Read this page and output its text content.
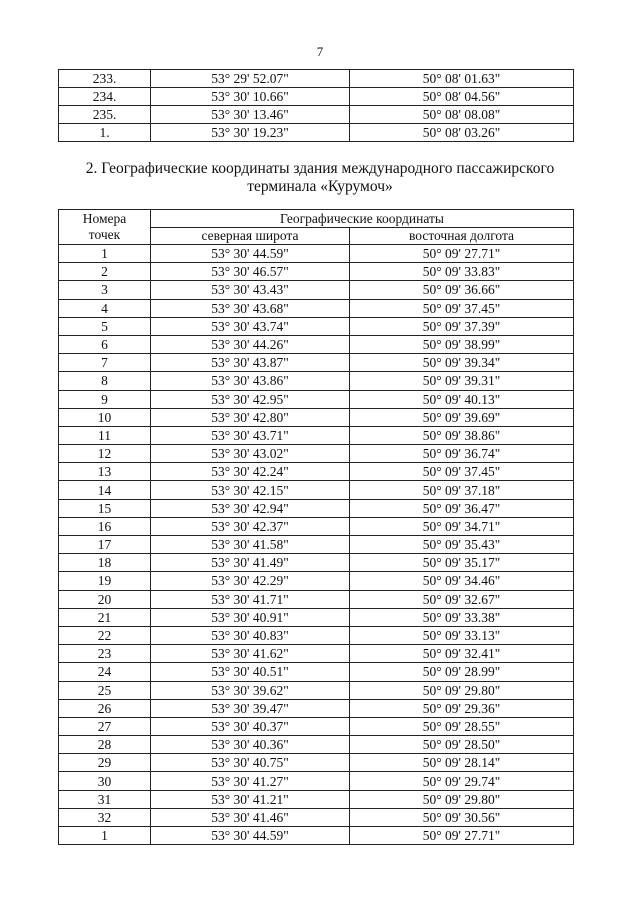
7
233.	53° 29' 52.07"	50° 08' 01.63"
234.	53° 30' 10.66"	50° 08' 04.56"
235.	53° 30' 13.46"	50° 08' 08.08"
1.	53° 30' 19.23"	50° 08' 03.26"
2. Географические координаты здания международного пассажирского
терминала «Курумоч»
Номера точек	Географические координаты	
	северная широта	восточная долгота
1	53° 30' 44.59"	50° 09' 27.71"
2	53° 30' 46.57"	50° 09' 33.83"
3	53° 30' 43.43"	50° 09' 36.66"
4	53° 30' 43.68"	50° 09' 37.45"
5	53° 30' 43.74"	50° 09' 37.39"
6	53° 30' 44.26"	50° 09' 38.99"
7	53° 30' 43.87"	50° 09' 39.34"
8	53° 30' 43.86"	50° 09' 39.31"
9	53° 30' 42.95"	50° 09' 40.13"
10	53° 30' 42.80"	50° 09' 39.69"
11	53° 30' 43.71"	50° 09' 38.86"
12	53° 30' 43.02"	50° 09' 36.74"
13	53° 30' 42.24"	50° 09' 37.45"
14	53° 30' 42.15"	50° 09' 37.18"
15	53° 30' 42.94"	50° 09' 36.47"
16	53° 30' 42.37"	50° 09' 34.71"
17	53° 30' 41.58"	50° 09' 35.43"
18	53° 30' 41.49"	50° 09' 35.17"
19	53° 30' 42.29"	50° 09' 34.46"
20	53° 30' 41.71"	50° 09' 32.67"
21	53° 30' 40.91"	50° 09' 33.38"
22	53° 30' 40.83"	50° 09' 33.13"
23	53° 30' 41.62"	50° 09' 32.41"
24	53° 30' 40.51"	50° 09' 28.99"
25	53° 30' 39.62"	50° 09' 29.80"
26	53° 30' 39.47"	50° 09' 29.36"
27	53° 30' 40.37"	50° 09' 28.55"
28	53° 30' 40.36"	50° 09' 28.50"
29	53° 30' 40.75"	50° 09' 28.14"
30	53° 30' 41.27"	50° 09' 29.74"
31	53° 30' 41.21"	50° 09' 29.80"
32	53° 30' 41.46"	50° 09' 30.56"
1	53° 30' 44.59"	50° 09' 27.71"
